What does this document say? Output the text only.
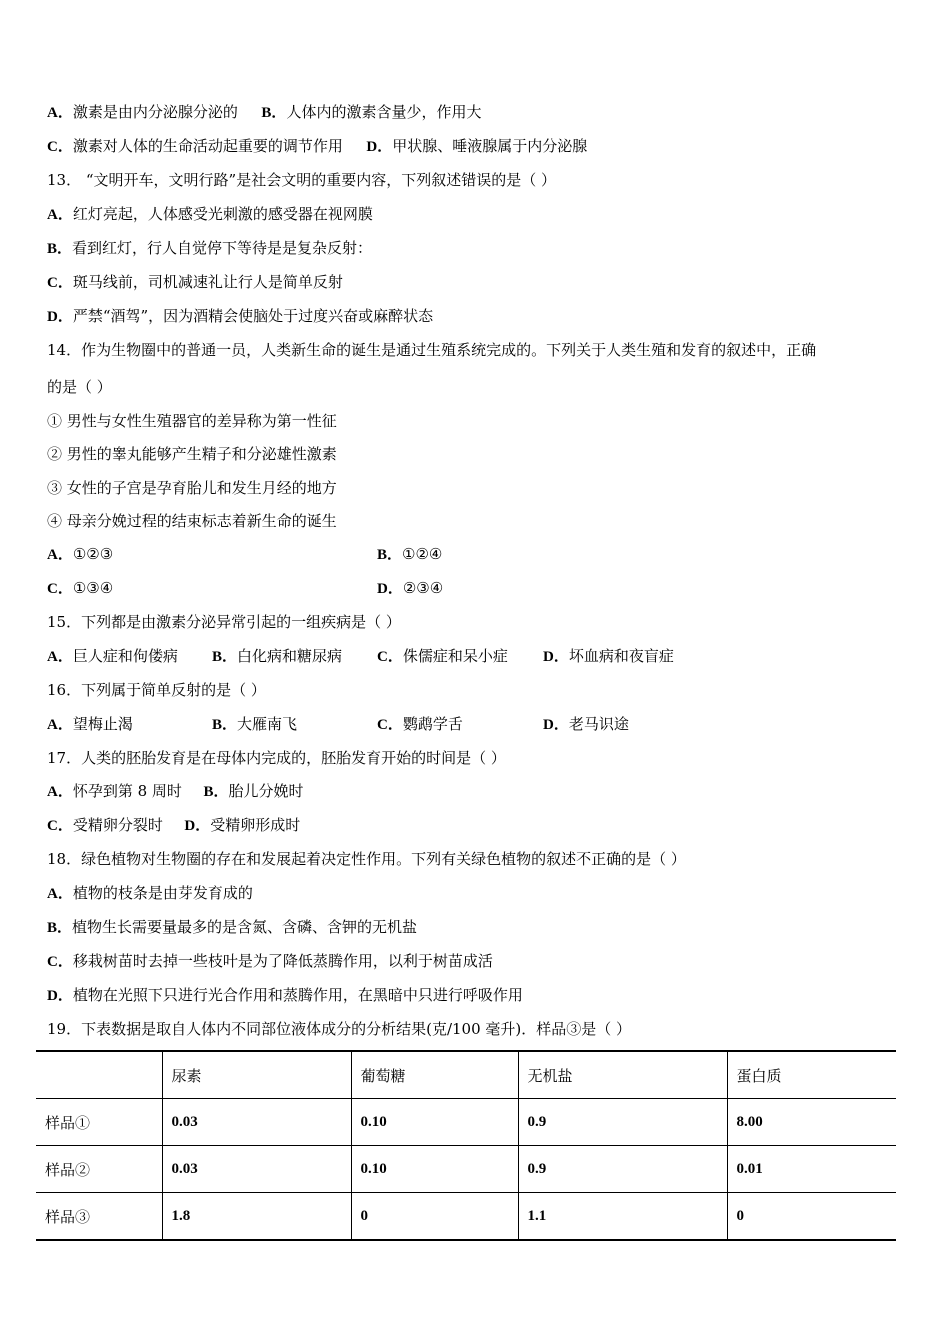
A．激素是由内分泌腺分泌的 B．人体内的激素含量少，作用大
C．激素对人体的生命活动起重要的调节作用 D．甲状腺、唾液腺属于内分泌腺
13． “文明开车，文明行路”是社会文明的重要内容，下列叙述错误的是（ ）
A．红灯亮起，人体感受光刺激的感受器在视网膜
B．看到红灯，行人自觉停下等待是是复杂反射：
C．斑马线前，司机减速礼让行人是简单反射
D．严禁“酒驾”，因为酒精会使脑处于过度兴奋或麻醉状态
14．作为生物圈中的普通一员，人类新生命的诞生是通过生殖系统完成的。下列关于人类生殖和发育的叙述中，正确
的是（ ）
① 男性与女性生殖器官的差异称为第一性征
② 男性的睾丸能够产生精子和分泌雄性激素
③ 女性的子宫是孕育胎儿和发生月经的地方
④ 母亲分娩过程的结束标志着新生命的诞生
A．①②③	B．①②④
C．①③④	D．②③④
15．下列都是由激素分泌异常引起的一组疾病是（ ）
A．巨人症和佝偻病 B．白化病和糖尿病 C．侏儒症和呆小症 D．坏血病和夜盲症
16．下列属于简单反射的是（ ）
A．望梅止渴	B．大雁南飞	C．鹦鹉学舌	D．老马识途
17．人类的胚胎发育是在母体内完成的，胚胎发育开始的时间是（ ）
A．怀孕到第 8 周时 B．胎儿分娩时
C．受精卵分裂时 D．受精卵形成时
18．绿色植物对生物圈的存在和发展起着决定性作用。下列有关绿色植物的叙述不正确的是（ ）
A．植物的枝条是由芽发育成的
B．植物生长需要量最多的是含氮、含磷、含钾的无机盐
C．移栽树苗时去掉一些枝叶是为了降低蒸腾作用，以利于树苗成活
D．植物在光照下只进行光合作用和蒸腾作用，在黑暗中只进行呼吸作用
19．下表数据是取自人体内不同部位液体成分的分析结果(克/100 毫升)．样品③是（ ）
	尿素	葡萄糖	无机盐	蛋白质
样品①	0.03	0.10	0.9	8.00
样品②	0.03	0.10	0.9	0.01
样品③	1.8	0	1.1	0
